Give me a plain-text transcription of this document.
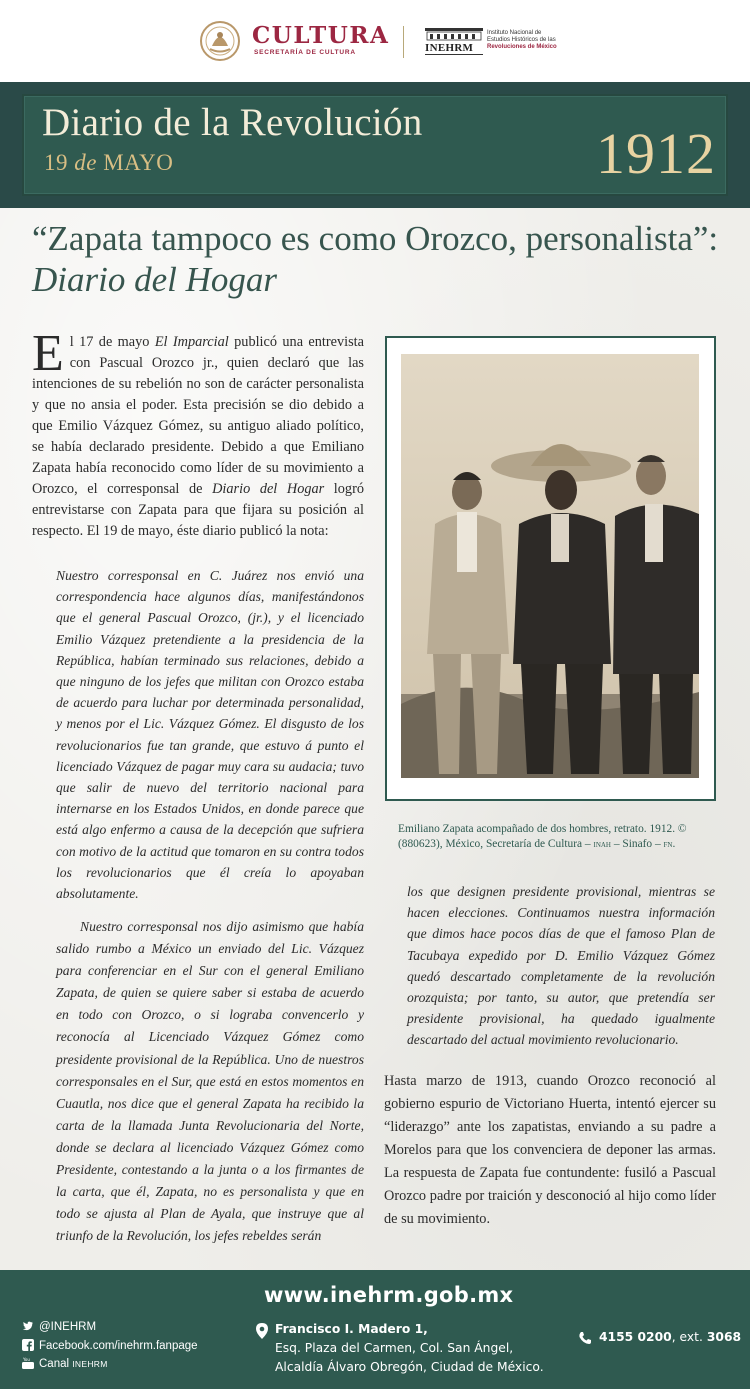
CULTURA
SECRETARÍA DE CULTURA	INEHRM
Instituto Nacional de
Estudios Históricos de las
Revoluciones de México
Diario de la Revolución
19 de MAYO	1912
“Zapata tampoco es como Orozco, personalista”: Diario del Hogar
El 17 de mayo El Imparcial publicó una entrevista con Pascual Orozco jr., quien declaró que las intenciones de su rebelión no son de carácter personalista y que no ansia el poder. Esta precisión se dio debido a que Emilio Vázquez Gómez, su antiguo aliado político, se había declarado presidente. Debido a que Emiliano Zapata había reconocido como líder de su movimiento a Orozco, el corresponsal de Diario del Hogar logró entrevistarse con Zapata para que fijara su posición al respecto. El 19 de mayo, éste diario publicó la nota:
Nuestro corresponsal en C. Juárez nos envió una correspondencia hace algunos días, manifestándonos que el general Pascual Orozco, (jr.), y el licenciado Emilio Vázquez pretendiente a la presidencia de la República, habían terminado sus relaciones, debido a que ninguno de los jefes que militan con Orozco estaba de acuerdo para luchar por determinada personalidad, y menos por el Lic. Vázquez Gómez. El disgusto de los revolucionarios fue tan grande, que estuvo á punto el licenciado Vázquez de pagar muy cara su audacia; tuvo que salir de nuevo del territorio nacional para internarse en los Estados Unidos, en donde parece que está algo enfermo a causa de la decepción que sufriera con motivo de la actitud que tomaron en su contra todos los revolucionarios que él creía lo apoyaban absolutamente.
Nuestro corresponsal nos dijo asimismo que había salido rumbo a México un enviado del Lic. Vázquez para conferenciar en el Sur con el general Emiliano Zapata, de quien se quiere saber si estaba de acuerdo en todo con Orozco, o si lograba convencerlo y reconocía al Licenciado Vázquez Gómez como presidente provisional de la República. Uno de nuestros corresponsales en el Sur, que está en estos momentos en Cuautla, nos dice que el general Zapata ha recibido la carta de la llamada Junta Revolucionaria del Norte, donde se declara al licenciado Vázquez Gómez como Presidente, contestando a la junta o a los firmantes de la carta, que él, Zapata, no es personalista y que en todo se ajusta al Plan de Ayala, que instruye que al triunfo de la Revolución, los jefes rebeldes serán
los que designen presidente provisional, mientras se hacen elecciones. Continuamos nuestra información que dimos hace pocos días de que el famoso Plan de Tacubaya expedido por D. Emilio Vázquez Gómez quedó descartado completamente de la revolución orozquista; por tanto, su autor, que pretendía ser presidente provisional, ha quedado igualmente descartado del actual movimiento revolucionario.
Hasta marzo de 1913, cuando Orozco reconoció al gobierno espurio de Victoriano Huerta, intentó ejercer su “liderazgo” ante los zapatistas, enviando a su padre a Morelos para que los convenciera de deponer las armas. La respuesta de Zapata fue contundente: fusiló a Pascual Orozco padre por traición y desconoció al hijo como líder de su movimiento.
Emiliano Zapata acompañado de dos hombres, retrato. 1912. © (880623), México, Secretaría de Cultura – inah – Sinafo – fn.
www.inehrm.gob.mx
@INEHRM
Facebook.com/inehrm.fanpage
You Canal INEHRM
Francisco I. Madero 1,
Esq. Plaza del Carmen, Col. San Ángel,
Alcaldía Álvaro Obregón, Ciudad de México.
4155 0200, ext. 3068
